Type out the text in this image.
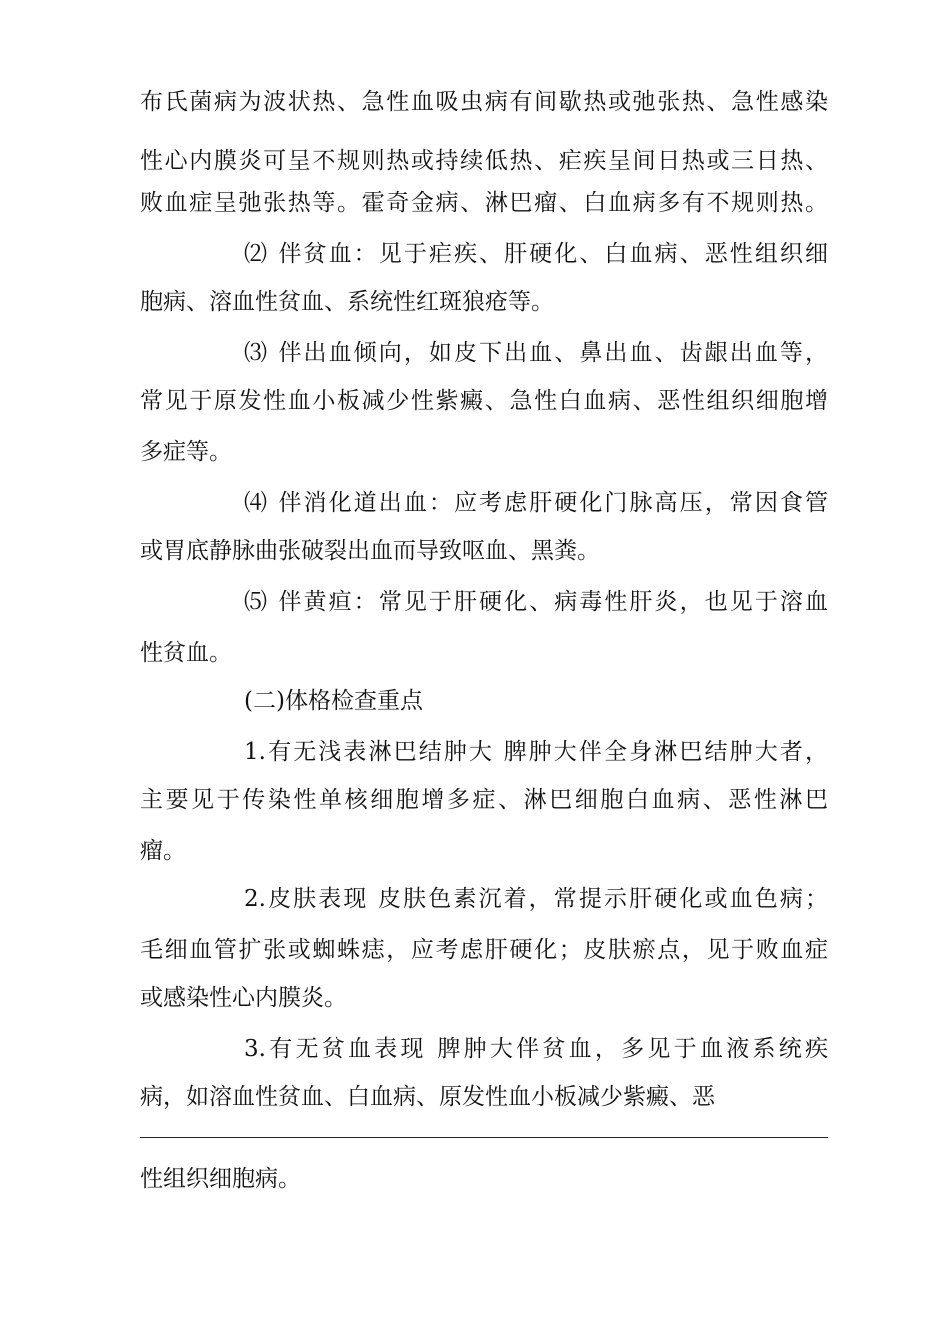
布氏菌病为波状热、急性血吸虫病有间歇热或弛张热、急性感染
性心内膜炎可呈不规则热或持续低热、疟疾呈间日热或三日热、
败血症呈弛张热等。霍奇金病、淋巴瘤、白血病多有不规则热。
⑵ 伴贫血：见于疟疾、肝硬化、白血病、恶性组织细
胞病、溶血性贫血、系统性红斑狼疮等。
⑶ 伴出血倾向，如皮下出血、鼻出血、齿龈出血等，
常见于原发性血小板减少性紫癜、急性白血病、恶性组织细胞增
多症等。
⑷ 伴消化道出血：应考虑肝硬化门脉高压，常因食管
或胃底静脉曲张破裂出血而导致呕血、黑粪。
⑸ 伴黄疸：常见于肝硬化、病毒性肝炎，也见于溶血
性贫血。
(二)体格检查重点
1.有无浅表淋巴结肿大 脾肿大伴全身淋巴结肿大者，
主要见于传染性单核细胞增多症、淋巴细胞白血病、恶性淋巴
瘤。
2.皮肤表现 皮肤色素沉着，常提示肝硬化或血色病；
毛细血管扩张或蜘蛛痣，应考虑肝硬化；皮肤瘀点，见于败血症
或感染性心内膜炎。
3.有无贫血表现 脾肿大伴贫血，多见于血液系统疾
病，如溶血性贫血、白血病、原发性血小板减少紫癜、恶
性组织细胞病。
